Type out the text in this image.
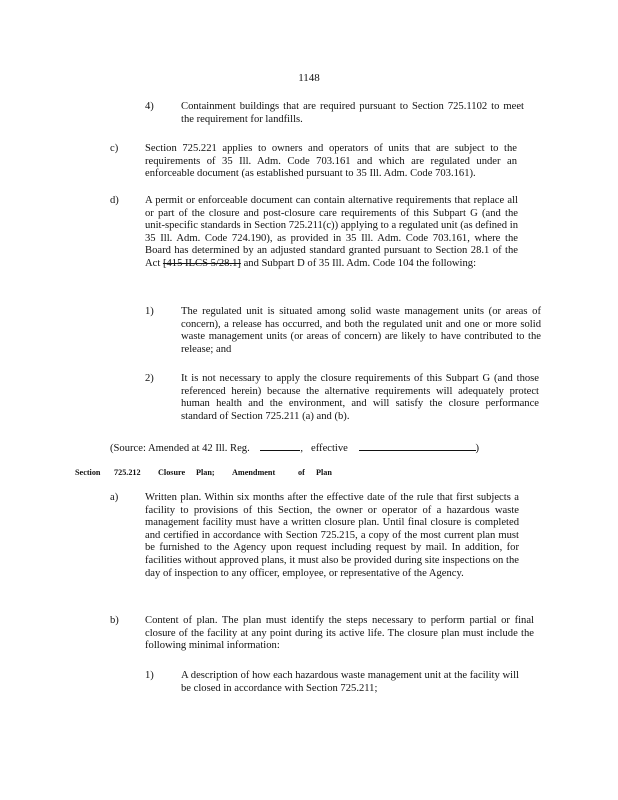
1148
4)	Containment buildings that are required pursuant to Section 725.1102 to meet the requirement for landfills.
c)	Section 725.221 applies to owners and operators of units that are subject to the requirements of 35 Ill. Adm. Code 703.161 and which are regulated under an enforceable document (as established pursuant to 35 Ill. Adm. Code 703.161).
d) A permit or enforceable document can contain alternative requirements that replace all or part of the closure and post-closure care requirements of this Subpart G (and the unit-specific standards in Section 725.211(c)) applying to a regulated unit (as defined in 35 Ill. Adm. Code 724.190), as provided in 35 Ill. Adm. Code 703.161, where the Board has determined by an adjusted standard granted pursuant to Section 28.1 of the Act [415 ILCS 5/28.1] and Subpart D of 35 Ill. Adm. Code 104 the following:
1)	The regulated unit is situated among solid waste management units (or areas of concern), a release has occurred, and both the regulated unit and one or more solid waste management units (or areas of concern) are likely to have contributed to the release; and
2)	It is not necessary to apply the closure requirements of this Subpart G (and those referenced herein) because the alternative requirements will adequately protect human health and the environment, and will satisfy the closure performance standard of Section 725.211 (a) and (b).
(Source: Amended at 42 Ill. Reg.	,   effective	)
Section 725.212 Closure Plan; Amendment	of Plan
a)	Written plan. Within six months after the effective date of the rule that first subjects a facility to provisions of this Section, the owner or operator of a hazardous waste management facility must have a written closure plan. Until final closure is completed and certified in accordance with Section 725.215, a copy of the most current plan must be furnished to the Agency upon request including request by mail. In addition, for facilities without approved plans, it must also be provided during site inspections on the day of inspection to any officer, employee, or representative of the Agency.
b) Content of plan. The plan must identify the steps necessary to perform partial or final closure of the facility at any point during its active life. The closure plan must include the following minimal information:
1)	A description of how each hazardous waste management unit at the facility will be closed in accordance with Section 725.211;
